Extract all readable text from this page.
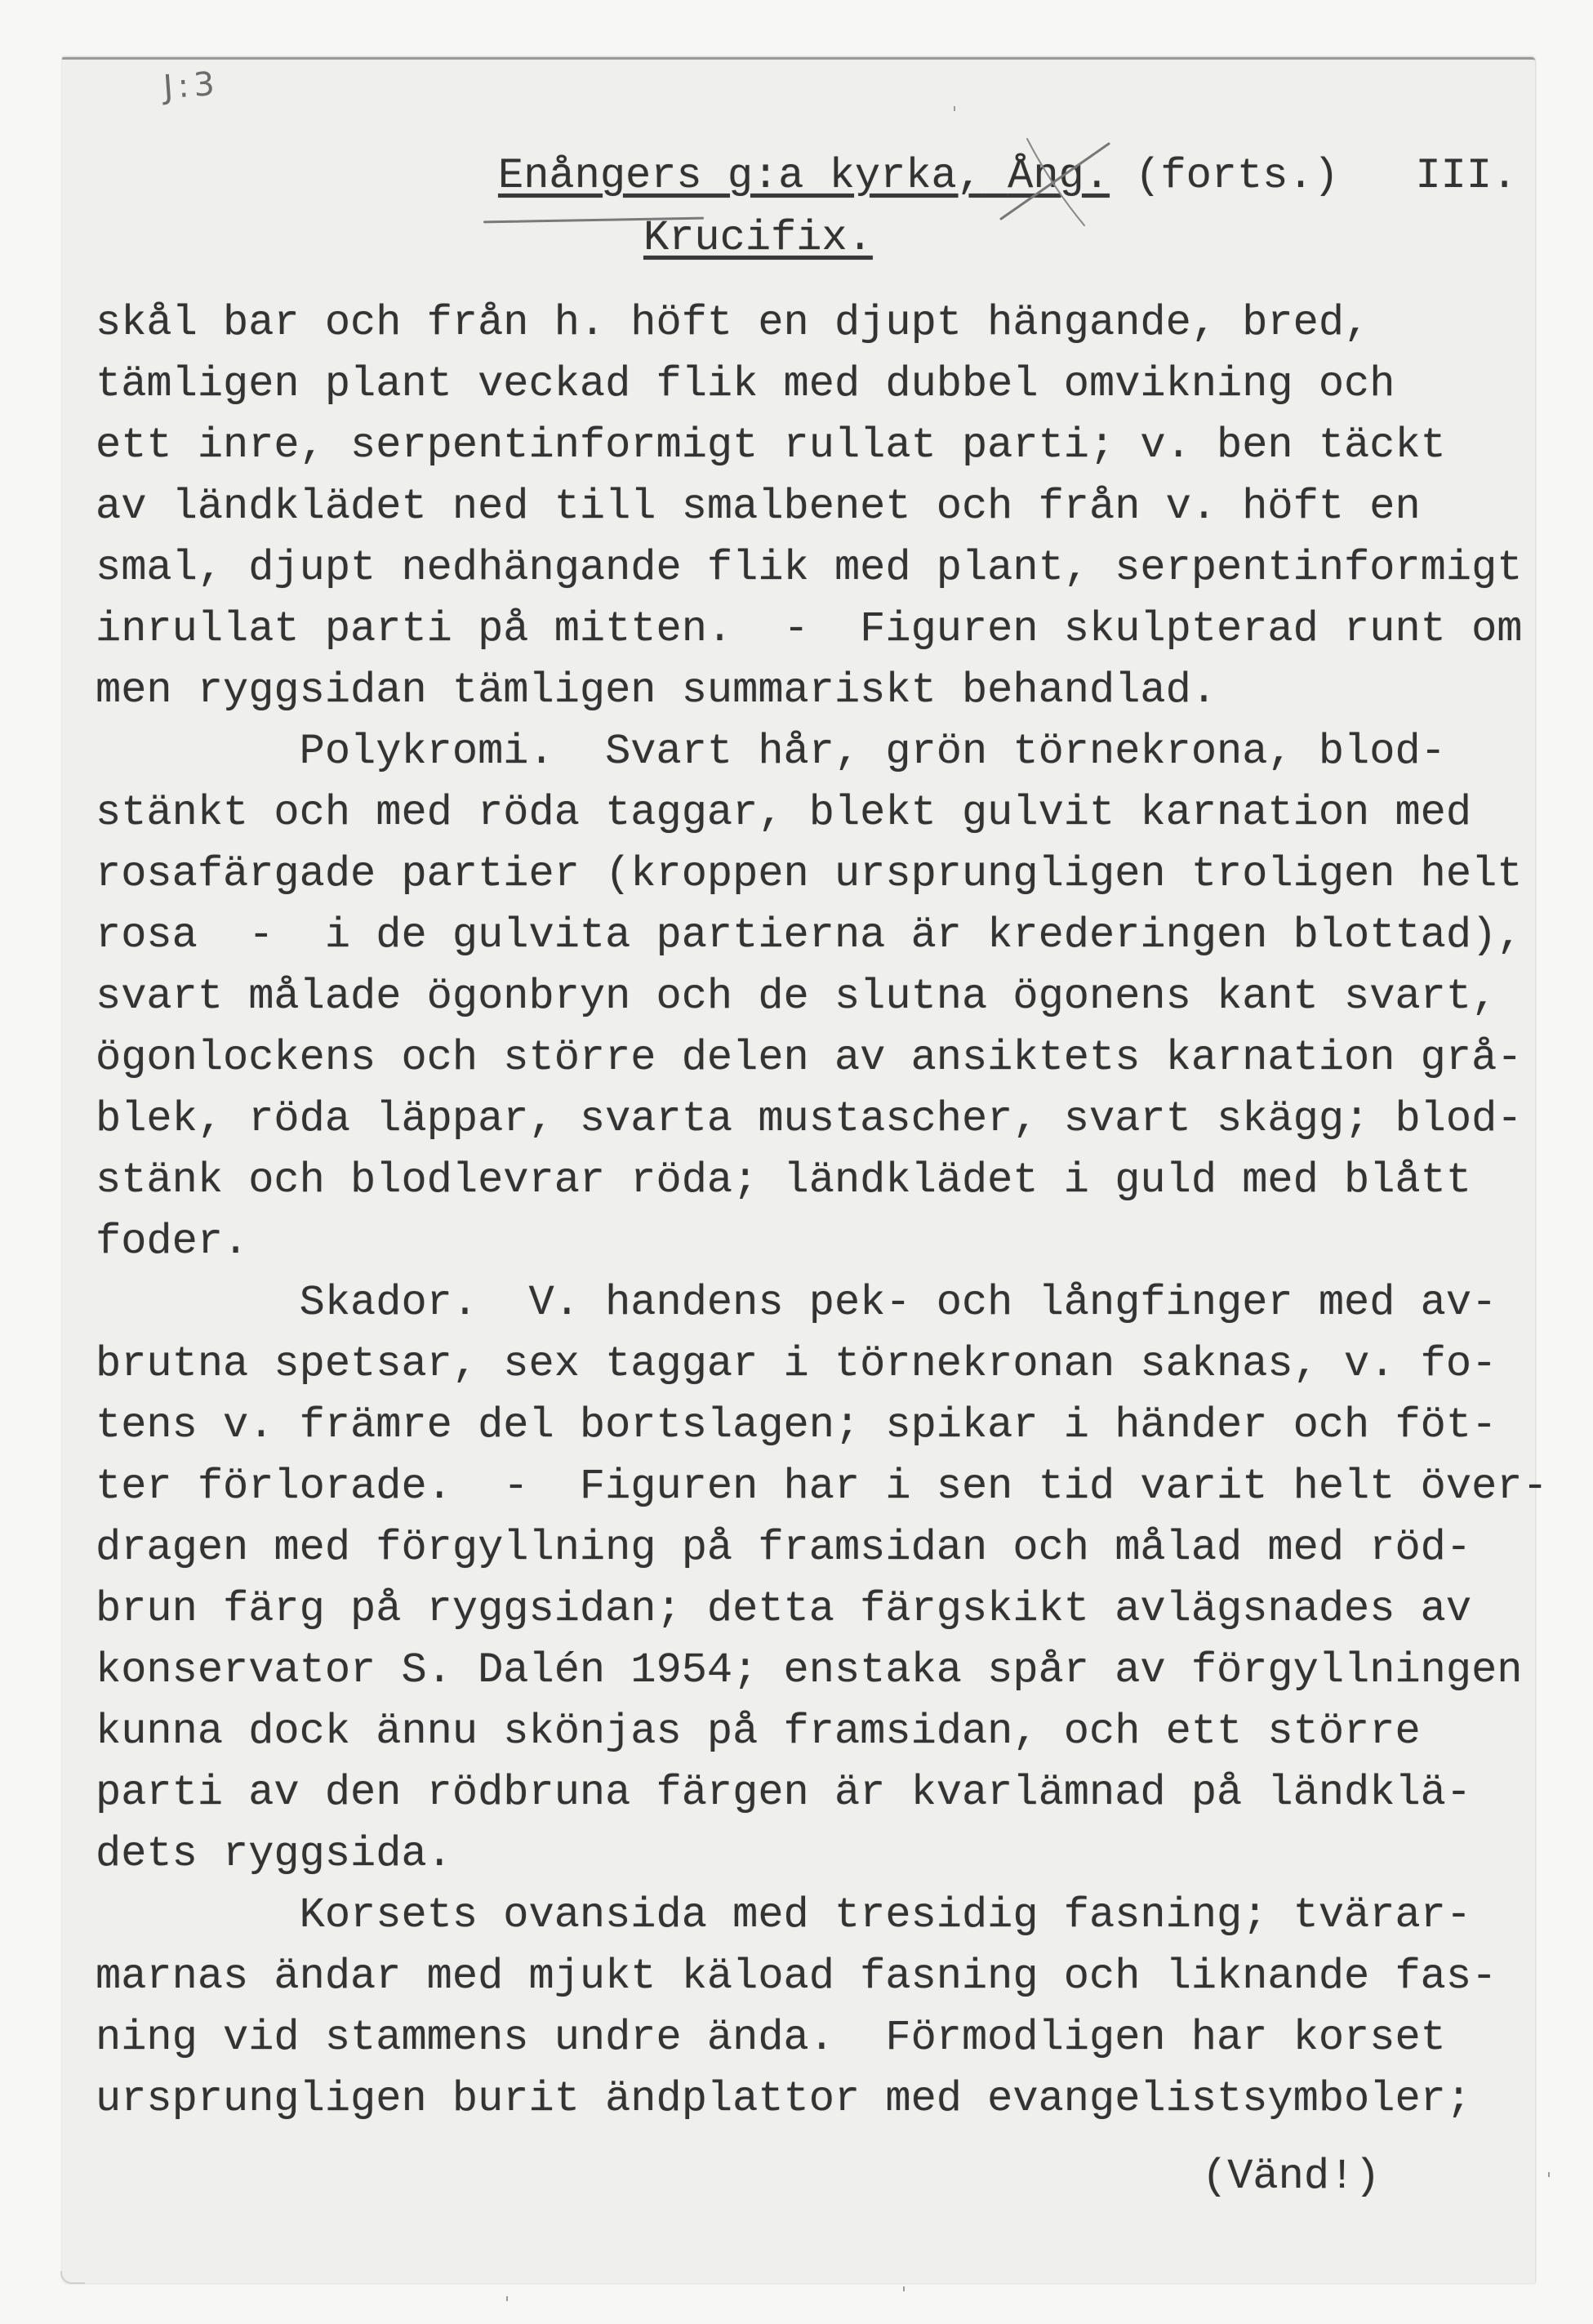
J:3
Enångers g:a kyrka, Ång. (forts.) III.
Krucifix.
skål bar och från h. höft en djupt hängande, bred,
tämligen plant veckad flik med dubbel omvikning och
ett inre, serpentinformigt rullat parti; v. ben täckt
av ländklädet ned till smalbenet och från v. höft en
smal, djupt nedhängande flik med plant, serpentinformigt
inrullat parti på mitten.  -  Figuren skulpterad runt om
men ryggsidan tämligen summariskt behandlad.
Polykromi.  Svart hår, grön törnekrona, blod-
stänkt och med röda taggar, blekt gulvit karnation med
rosafärgade partier (kroppen ursprungligen troligen helt
rosa  -  i de gulvita partierna är krederingen blottad),
svart målade ögonbryn och de slutna ögonens kant svart,
ögonlockens och större delen av ansiktets karnation grå-
blek, röda läppar, svarta mustascher, svart skägg; blod-
stänk och blodlevrar röda; ländklädet i guld med blått
foder.
Skador.  V. handens pek- och långfinger med av-
brutna spetsar, sex taggar i törnekronan saknas, v. fo-
tens v. främre del bortslagen; spikar i händer och föt-
ter förlorade.  -  Figuren har i sen tid varit helt över-
dragen med förgyllning på framsidan och målad med röd-
brun färg på ryggsidan; detta färgskikt avlägsnades av
konservator S. Dalén 1954; enstaka spår av förgyllningen
kunna dock ännu skönjas på framsidan, och ett större
parti av den rödbruna färgen är kvarlämnad på ländklä-
dets ryggsida.
Korsets ovansida med tresidig fasning; tvärar-
marnas ändar med mjukt käload fasning och liknande fas-
ning vid stammens undre ända.  Förmodligen har korset
ursprungligen burit ändplattor med evangelistsymboler;
(Vänd!)
